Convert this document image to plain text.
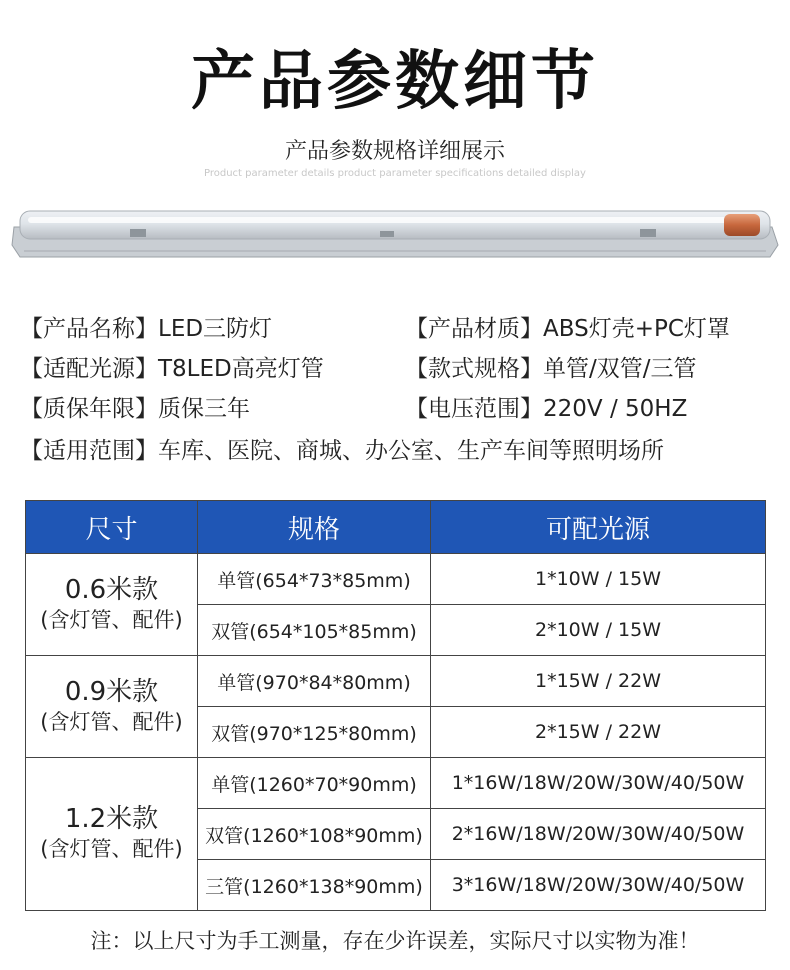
产品参数细节
产品参数规格详细展示
Product parameter details product parameter specifications detailed display
【产品名称】LED三防灯	【产品材质】ABS灯壳+PC灯罩
【适配光源】T8LED高亮灯管	【款式规格】单管/双管/三管
【质保年限】质保三年	【电压范围】220V / 50HZ
【适用范围】车库、医院、商城、办公室、生产车间等照明场所
尺寸	规格	可配光源
0.6米款
(含灯管、配件)	单管(654*73*85mm)	1*10W / 15W
	双管(654*105*85mm)	2*10W / 15W
0.9米款
(含灯管、配件)	单管(970*84*80mm)	1*15W / 22W
	双管(970*125*80mm)	2*15W / 22W
1.2米款
(含灯管、配件)	单管(1260*70*90mm)	1*16W/18W/20W/30W/40/50W
	双管(1260*108*90mm)	2*16W/18W/20W/30W/40/50W
	三管(1260*138*90mm)	3*16W/18W/20W/30W/40/50W
注：以上尺寸为手工测量，存在少许误差，实际尺寸以实物为准！
